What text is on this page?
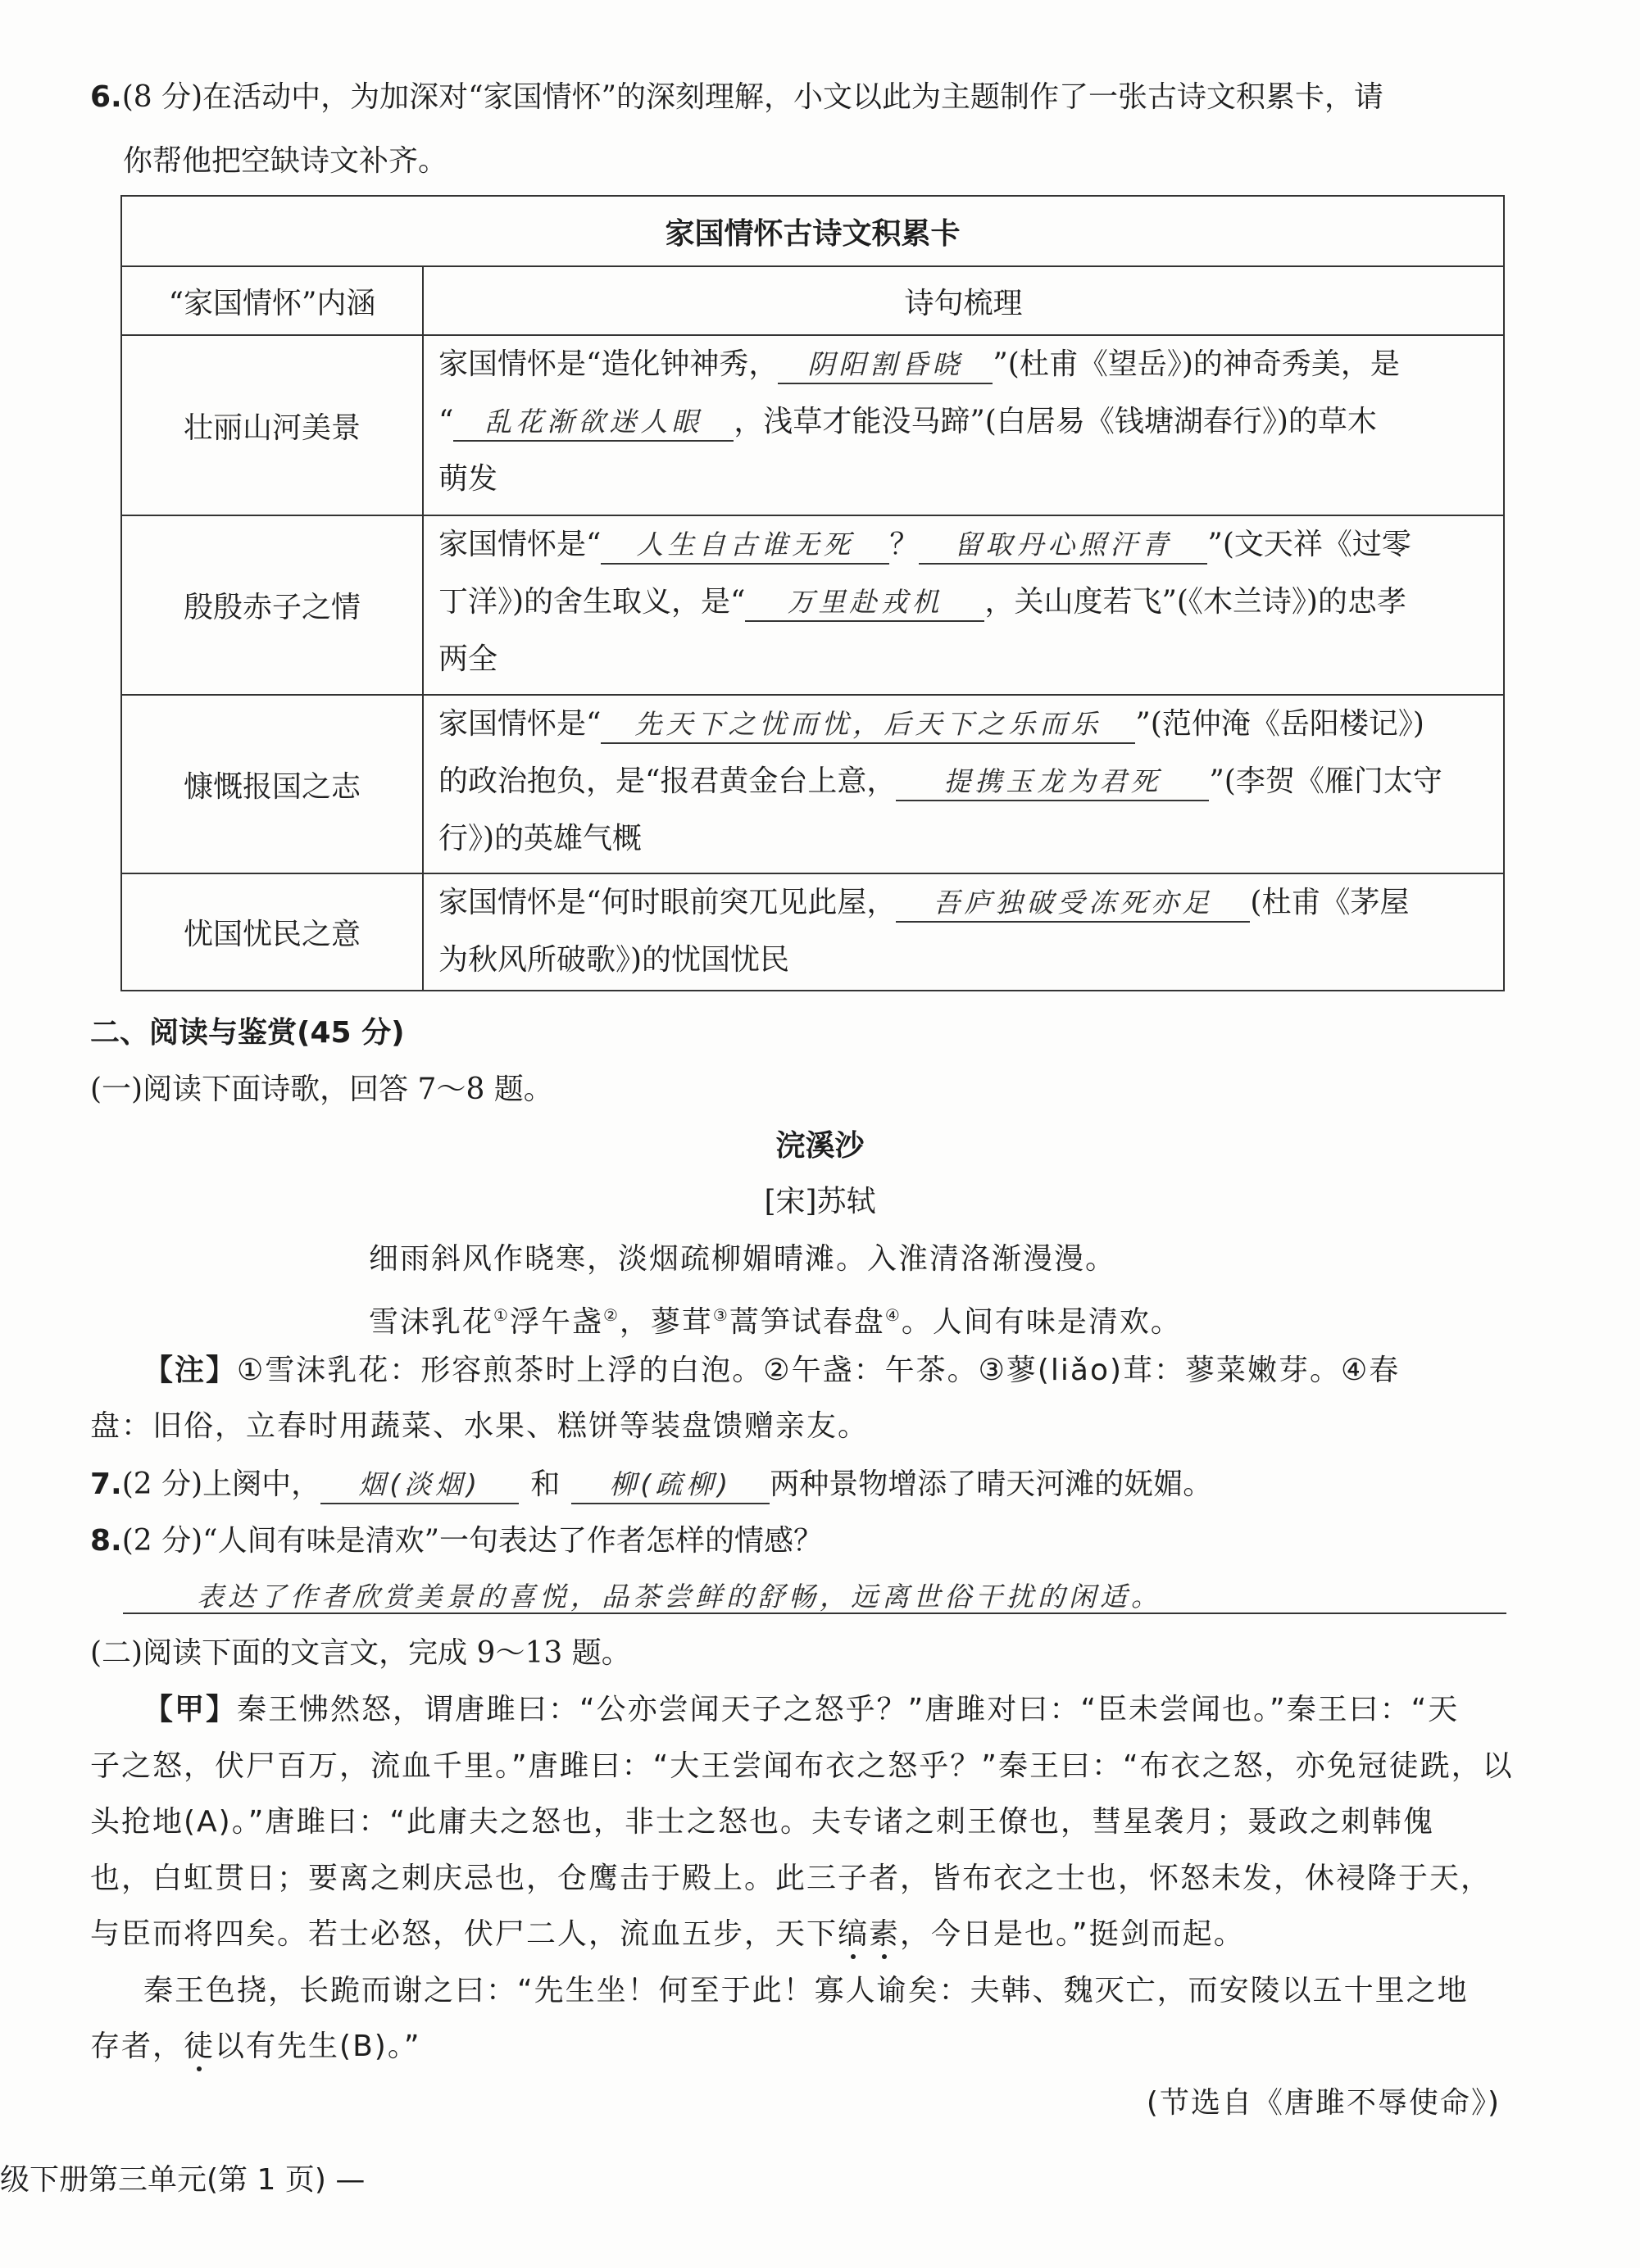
6.(8 分)在活动中，为加深对“家国情怀”的深刻理解，小文以此为主题制作了一张古诗文积累卡，请
你帮他把空缺诗文补齐。
家国情怀古诗文积累卡
“家国情怀”内涵	诗句梳理
壮丽山河美景
家国情怀是“造化钟神秀， 阴阳割昏晓 ”(杜甫《望岳》)的神奇秀美，是
“ 乱花渐欲迷人眼 ，浅草才能没马蹄”(白居易《钱塘湖春行》)的草木
萌发
殷殷赤子之情
家国情怀是“ 人生自古谁无死 ？ 留取丹心照汗青 ”(文天祥《过零
丁洋》)的舍生取义，是“ 万里赴戎机 ，关山度若飞”(《木兰诗》)的忠孝
两全
慷慨报国之志
家国情怀是“ 先天下之忧而忧，后天下之乐而乐 ”(范仲淹《岳阳楼记》)
的政治抱负，是“报君黄金台上意， 提携玉龙为君死 ”(李贺《雁门太守
行》)的英雄气概
忧国忧民之意
家国情怀是“何时眼前突兀见此屋， 吾庐独破受冻死亦足 (杜甫《茅屋
为秋风所破歌》)的忧国忧民
二、阅读与鉴赏(45 分)
(一)阅读下面诗歌，回答 7～8 题。
浣溪沙
[宋]苏轼
细雨斜风作晓寒，淡烟疏柳媚晴滩。入淮清洛渐漫漫。
雪沫乳花①浮午盏②，蓼茸③蒿笋试春盘④。人间有味是清欢。
【注】①雪沫乳花：形容煎茶时上浮的白泡。②午盏：午茶。③蓼(liǎo)茸：蓼菜嫩芽。④春
盘：旧俗，立春时用蔬菜、水果、糕饼等装盘馈赠亲友。
7.(2 分)上阕中， 烟(淡烟) 和 柳(疏柳) 两种景物增添了晴天河滩的妩媚。
8.(2 分)“人间有味是清欢”一句表达了作者怎样的情感？
表达了作者欣赏美景的喜悦，品茶尝鲜的舒畅，远离世俗干扰的闲适。
(二)阅读下面的文言文，完成 9～13 题。
【甲】秦王怫然怒，谓唐雎曰：“公亦尝闻天子之怒乎？”唐雎对曰：“臣未尝闻也。”秦王曰：“天
子之怒，伏尸百万，流血千里。”唐雎曰：“大王尝闻布衣之怒乎？”秦王曰：“布衣之怒，亦免冠徒跣，以
头抢地(A)。”唐雎曰：“此庸夫之怒也，非士之怒也。夫专诸之刺王僚也，彗星袭月；聂政之刺韩傀
也，白虹贯日；要离之刺庆忌也，仓鹰击于殿上。此三子者，皆布衣之士也，怀怒未发，休祲降于天，
与臣而将四矣。若士必怒，伏尸二人，流血五步，天下缟素，今日是也。”挺剑而起。
秦王色挠，长跪而谢之曰：“先生坐！何至于此！寡人谕矣：夫韩、魏灭亡，而安陵以五十里之地
存者，徒以有先生(B)。”
(节选自《唐雎不辱使命》)
级下册第三单元(第 1 页) —
